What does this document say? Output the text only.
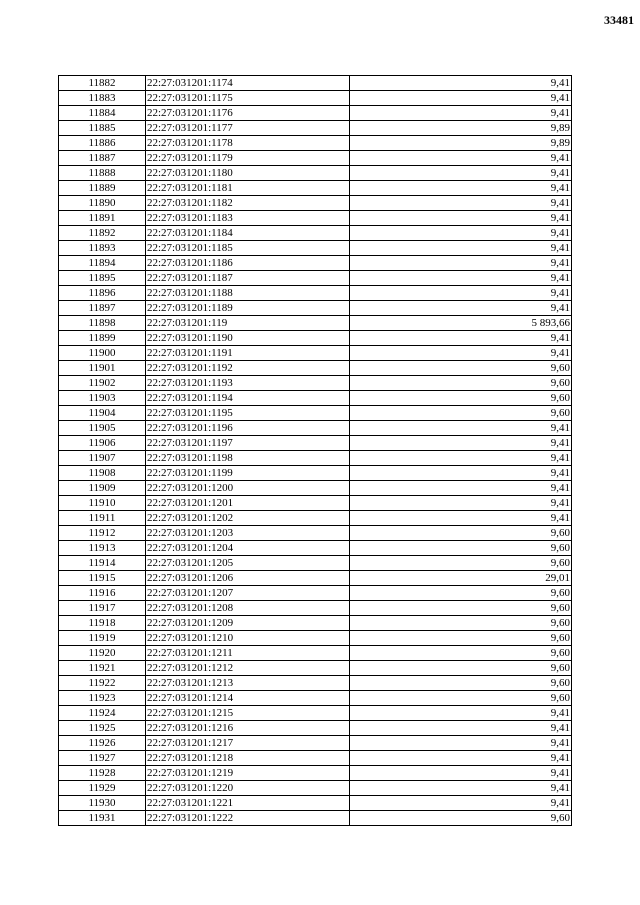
33481
11882	22:27:031201:1174	9,41
11883	22:27:031201:1175	9,41
11884	22:27:031201:1176	9,41
11885	22:27:031201:1177	9,89
11886	22:27:031201:1178	9,89
11887	22:27:031201:1179	9,41
11888	22:27:031201:1180	9,41
11889	22:27:031201:1181	9,41
11890	22:27:031201:1182	9,41
11891	22:27:031201:1183	9,41
11892	22:27:031201:1184	9,41
11893	22:27:031201:1185	9,41
11894	22:27:031201:1186	9,41
11895	22:27:031201:1187	9,41
11896	22:27:031201:1188	9,41
11897	22:27:031201:1189	9,41
11898	22:27:031201:119	5 893,66
11899	22:27:031201:1190	9,41
11900	22:27:031201:1191	9,41
11901	22:27:031201:1192	9,60
11902	22:27:031201:1193	9,60
11903	22:27:031201:1194	9,60
11904	22:27:031201:1195	9,60
11905	22:27:031201:1196	9,41
11906	22:27:031201:1197	9,41
11907	22:27:031201:1198	9,41
11908	22:27:031201:1199	9,41
11909	22:27:031201:1200	9,41
11910	22:27:031201:1201	9,41
11911	22:27:031201:1202	9,41
11912	22:27:031201:1203	9,60
11913	22:27:031201:1204	9,60
11914	22:27:031201:1205	9,60
11915	22:27:031201:1206	29,01
11916	22:27:031201:1207	9,60
11917	22:27:031201:1208	9,60
11918	22:27:031201:1209	9,60
11919	22:27:031201:1210	9,60
11920	22:27:031201:1211	9,60
11921	22:27:031201:1212	9,60
11922	22:27:031201:1213	9,60
11923	22:27:031201:1214	9,60
11924	22:27:031201:1215	9,41
11925	22:27:031201:1216	9,41
11926	22:27:031201:1217	9,41
11927	22:27:031201:1218	9,41
11928	22:27:031201:1219	9,41
11929	22:27:031201:1220	9,41
11930	22:27:031201:1221	9,41
11931	22:27:031201:1222	9,60
